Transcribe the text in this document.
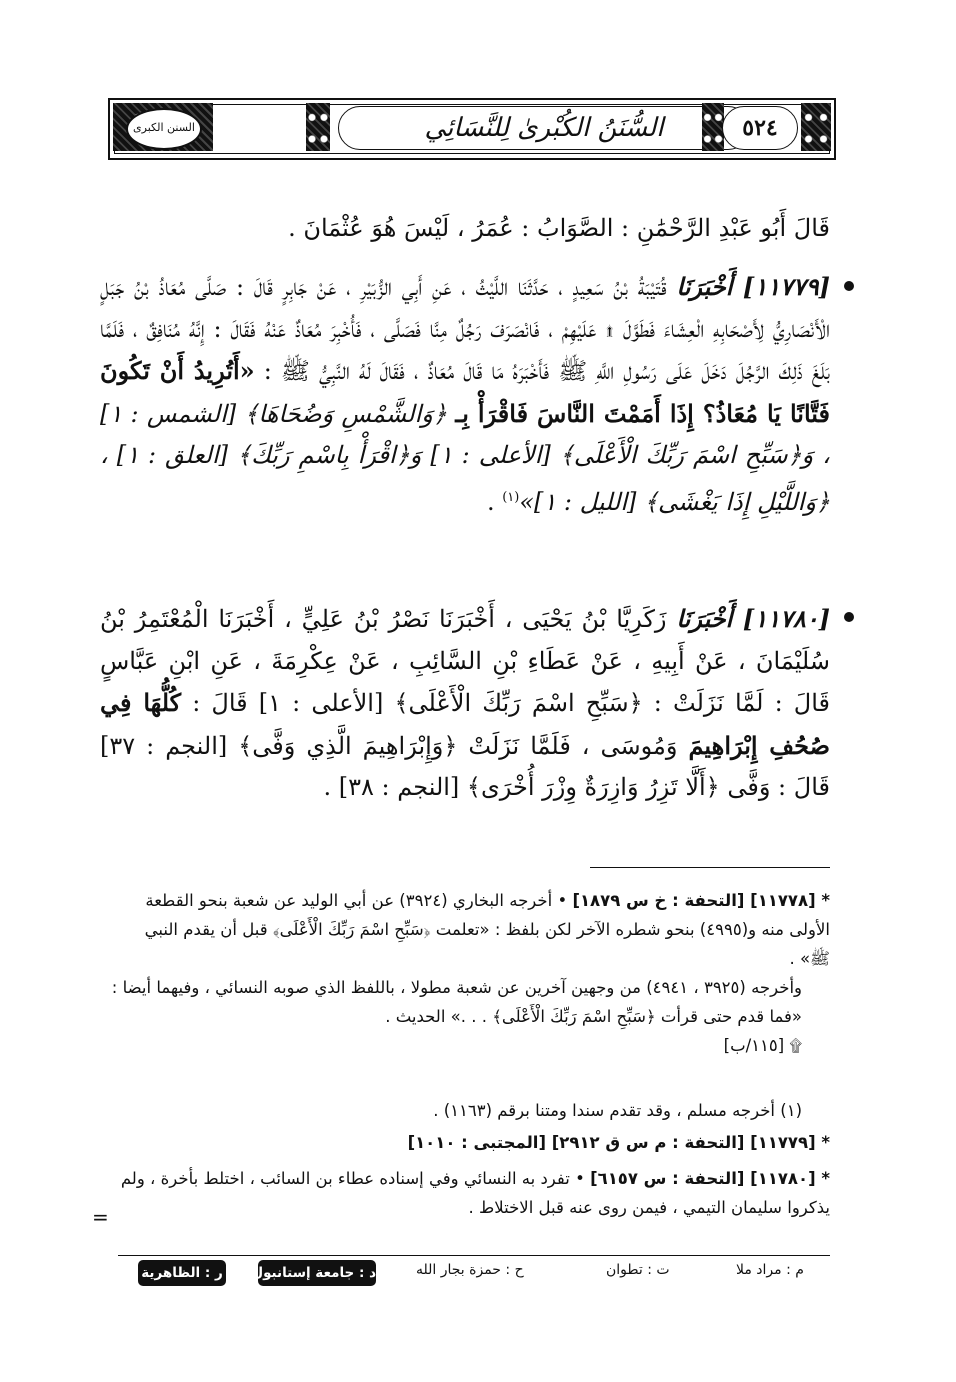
السنن الكبرى	السُّنَنُ الكُبْرىٰ لِلنَّسَائِي	٥٢٤
قَالَ أَبُو عَبْدِ الرَّحْمَٰنِ : الصَّوَابُ : عُمَرُ ، لَيْسَ هُوَ عُثْمَانَ .
[١١٧٧٩] أَخْبَرَنَا قُتَيْبَةُ بْنُ سَعِيدٍ ، حَدَّثَنَا اللَّيْثُ ، عَنِ أَبِي الزُّبَيْرِ ، عَنْ جَابِرٍ قَالَ : صَلَّى مُعَاذُ بْنُ جَبَلٍ الْأَنْصَارِيُّ لِأَصْحَابِهِ الْعِشَاءَ فَطَوَّلَ ۩ عَلَيْهِمْ ، فَانْصَرَفَ رَجُلٌ مِنَّا فَصَلَّى ، فَأُخْبِرَ مُعَاذٌ عَنْهُ فَقَالَ : إِنَّهُ مُنَافِقٌ ، فَلَمَّا بَلَغَ ذَلِكَ الرَّجُلَ دَخَلَ عَلَى رَسُولِ اللَّهِ ﷺ فَأَخْبَرَهُ مَا قَالَ مُعَاذٌ ، فَقَالَ لَهُ النَّبِيُّ ﷺ : «أَتُرِيدُ أَنْ تَكُونَ فَتَّانًا يَا مُعَاذُ؟ إِذَا أَمَمْتَ النَّاسَ فَاقْرَأْ بِـ ﴿وَالشَّمْسِ وَضُحَاهَا﴾ [الشمس : ١] ، وَ﴿سَبِّحِ اسْمَ رَبِّكَ الْأَعْلَى﴾ [الأعلى : ١] وَ﴿اقْرَأْ بِاسْمِ رَبِّكَ﴾ [العلق : ١] ، ﴿وَاللَّيْلِ إِذَا يَغْشَى﴾ [الليل : ١]»$^{(١)}$ .
[١١٧٨٠] أَخْبَرَنَا زَكَرِيَّا بْنُ يَحْيَى ، أَخْبَرَنَا نَصْرُ بْنُ عَلِيٍّ ، أَخْبَرَنَا الْمُعْتَمِرُ بْنُ سُلَيْمَانَ ، عَنْ أَبِيهِ ، عَنْ عَطَاءِ بْنِ السَّائِبِ ، عَنْ عِكْرِمَةَ ، عَنِ ابْنِ عَبَّاسٍ قَالَ : لَمَّا نَزَلَتْ : ﴿سَبِّحِ اسْمَ رَبِّكَ الْأَعْلَى﴾ [الأعلى : ١] قَالَ : كُلُّهَا فِي صُحُفِ إِبْرَاهِيمَ وَمُوسَى ، فَلَمَّا نَزَلَتْ ﴿وَإِبْرَاهِيمَ الَّذِي وَفَّى﴾ [النجم : ٣٧] قَالَ : وَفَّى ﴿أَلَّا تَزِرُ وَازِرَةٌ وِزْرَ أُخْرَى﴾ [النجم : ٣٨] .
* [١١٧٧٨] [التحفة : خ س ١٨٧٩] • أخرجه البخاري (٣٩٢٤) عن أبي الوليد عن شعبة بنحو القطعة الأولى منه و(٤٩٩٥) بنحو شطره الآخر لكن بلفظ : «تعلمت ﴿سَبِّحِ اسْمَ رَبِّكَ الْأَعْلَى﴾ قبل أن يقدم النبي ﷺ» .
وأخرجه (٣٩٢٥ ، ٤٩٤١) من وجهين آخرين عن شعبة مطولا ، باللفظ الذي صوبه النسائي ، وفيهما أيضا : «فما قدم حتى قرأت ﴿سَبِّحِ اسْمَ رَبِّكَ الْأَعْلَى﴾ . . .» الحديث .
۩ [١١٥/ب]
(١) أخرجه مسلم ، وقد تقدم سندا ومتنا برقم (١١٦٣) .
* [١١٧٧٩] [التحفة : م س ق ٢٩١٢] [المجتبى : ١٠١٠]
* [١١٧٨٠] [التحفة : س ٦١٥٧] • تفرد به النسائي وفي إسناده عطاء بن السائب ، اختلط بأخرة ، ولم يذكروا سليمان التيمي ، فيمن روى عنه قبل الاختلاط .
=
م : مراد ملا
ت : تطوان
ح : حمزة بجار الله
د : جامعة إستانبول
ر : الظاهرية
